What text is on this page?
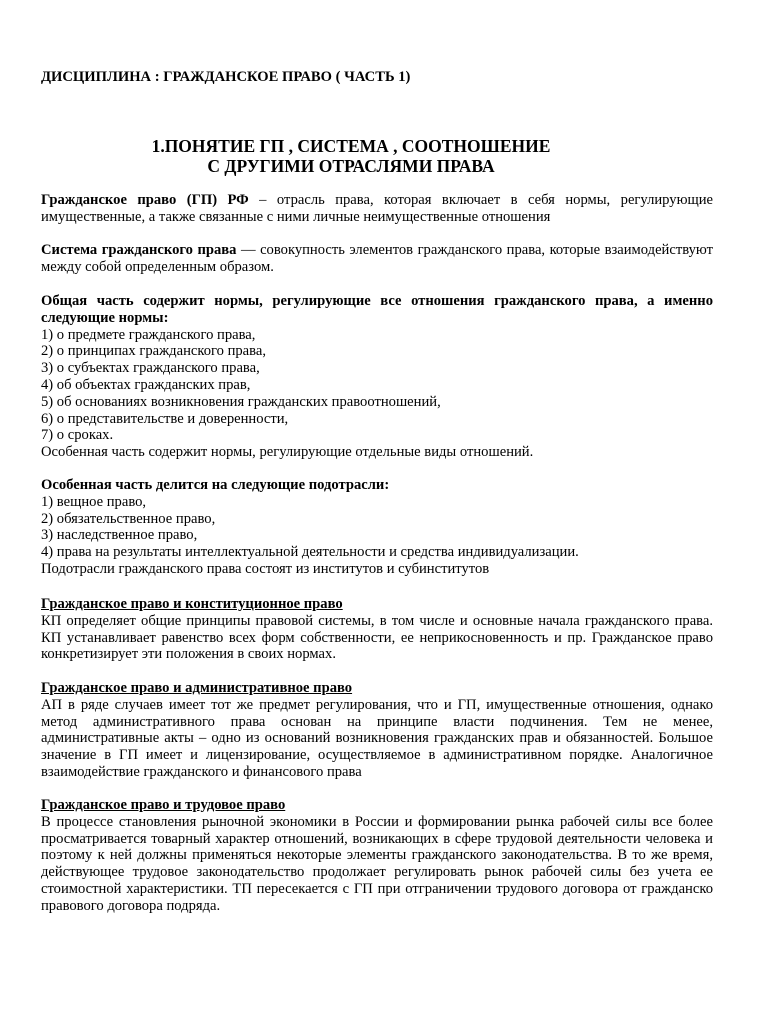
ДИСЦИПЛИНА : ГРАЖДАНСКОЕ ПРАВО ( ЧАСТЬ 1)
1.ПОНЯТИЕ ГП , СИСТЕМА , СООТНОШЕНИЕ
С ДРУГИМИ ОТРАСЛЯМИ ПРАВА

Гражданское право (ГП) РФ – отрасль права, которая включает в себя нормы, регулирующие имущественные, а также связанные с ними личные неимущественные отношения

Система гражданского права — совокупность элементов гражданского права, которые взаимодействуют между собой определенным образом.

Общая часть содержит нормы, регулирующие все отношения гражданского права, а именно следующие нормы:

1) о предмете гражданского права,
2) о принципах гражданского права,
3) о субъектах гражданского права,
4) об объектах гражданских прав,
5) об основаниях возникновения гражданских правоотношений,
6) о представительстве и доверенности,
7) о сроках.
Особенная часть содержит нормы, регулирующие отдельные виды отношений.
Особенная часть делится на следующие подотрасли:
1) вещное право,
2) обязательственное право,
3) наследственное право,
4) права на результаты интеллектуальной деятельности и средства индивидуализации.
Подотрасли гражданского права состоят из институтов и субинститутов
Гражданское право и конституционное право

КП определяет общие принципы правовой системы, в том числе и основные начала гражданского права. КП устанавливает равенство всех форм собственности, ее неприкосновенность и пр. Гражданское право конкретизирует эти положения в своих нормах.

Гражданское право и административное право

АП в ряде случаев имеет тот же предмет регулирования, что и ГП, имущественные отношения, однако метод административного права основан на принципе власти подчинения. Тем не менее, административные акты – одно из оснований возникновения гражданских прав и обязанностей. Большое значение в ГП имеет и лицензирование, осуществляемое в административном порядке. Аналогичное взаимодействие гражданского и финансового права

Гражданское право и трудовое право

В процессе становления рыночной экономики в России и формировании рынка рабочей силы все более просматривается товарный характер отношений, возникающих в сфере трудовой деятельности человека и поэтому к ней должны применяться некоторые элементы гражданского законодательства. В то же время, действующее трудовое законодательство продолжает регулировать рынок рабочей силы без учета ее стоимостной характеристики. ТП пересекается с ГП при отграничении трудового договора от гражданско правового договора подряда.
